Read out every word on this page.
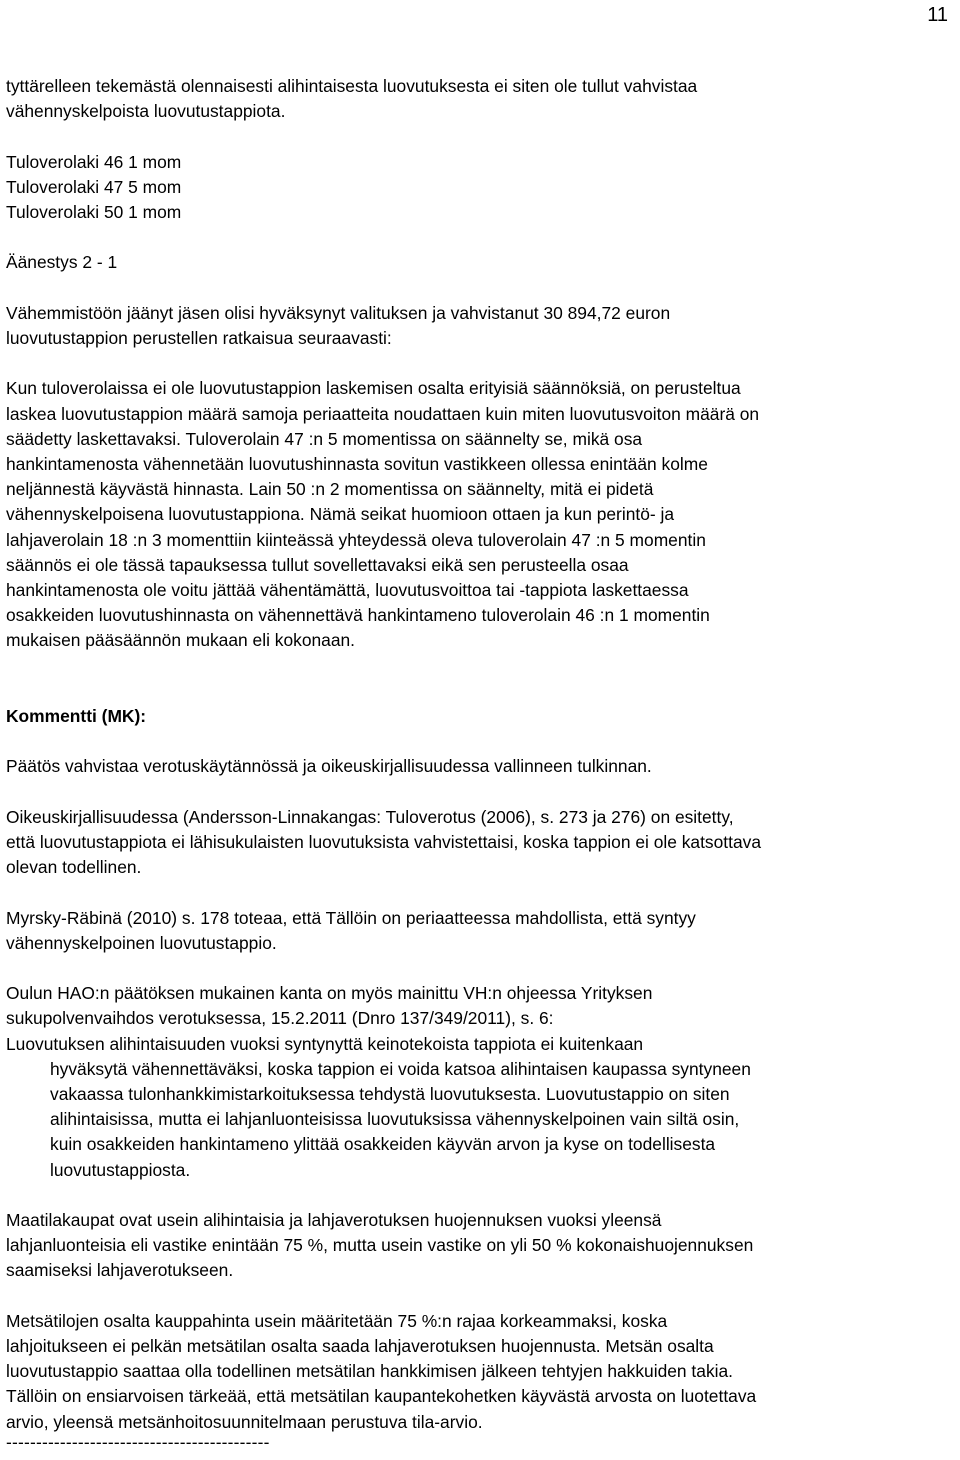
11
tyttärelleen tekemästä olennaisesti alihintaisesta luovutuksesta ei siten ole tullut vahvistaa
vähennyskelpoista luovutustappiota.
Tuloverolaki 46 1 mom
Tuloverolaki 47 5 mom
Tuloverolaki 50 1 mom
Äänestys 2 - 1
Vähemmistöön jäänyt jäsen olisi hyväksynyt valituksen ja vahvistanut 30 894,72 euron
luovutustappion perustellen ratkaisua seuraavasti:
Kun tuloverolaissa ei ole luovutustappion laskemisen osalta erityisiä säännöksiä, on perusteltua
laskea luovutustappion määrä samoja periaatteita noudattaen kuin miten luovutusvoiton määrä on
säädetty laskettavaksi. Tuloverolain 47 :n 5 momentissa on säännelty se, mikä osa
hankintamenosta vähennetään luovutushinnasta sovitun vastikkeen ollessa enintään kolme
neljännestä käyvästä hinnasta. Lain 50 :n 2 momentissa on säännelty, mitä ei pidetä
vähennyskelpoisena luovutustappiona. Nämä seikat huomioon ottaen ja kun perintö- ja
lahjaverolain 18 :n 3 momenttiin kiinteässä yhteydessä oleva tuloverolain 47 :n 5 momentin
säännös ei ole tässä tapauksessa tullut sovellettavaksi eikä sen perusteella osaa
hankintamenosta ole voitu jättää vähentämättä, luovutusvoittoa tai -tappiota laskettaessa
osakkeiden luovutushinnasta on vähennettävä hankintameno tuloverolain 46 :n 1 momentin
mukaisen pääsäännön mukaan eli kokonaan.
Kommentti (MK):
Päätös vahvistaa verotuskäytännössä ja oikeuskirjallisuudessa vallinneen tulkinnan.
Oikeuskirjallisuudessa (Andersson-Linnakangas: Tuloverotus (2006), s. 273 ja 276) on esitetty,
että luovutustappiota ei lähisukulaisten luovutuksista vahvistettaisi, koska tappion ei ole katsottava
olevan todellinen.
Myrsky-Räbinä (2010) s. 178 toteaa, että Tällöin on periaatteessa mahdollista, että syntyy
vähennyskelpoinen luovutustappio.
Oulun HAO:n päätöksen mukainen kanta on myös mainittu VH:n ohjeessa Yrityksen
sukupolvenvaihdos verotuksessa, 15.2.2011 (Dnro 137/349/2011), s. 6:
Luovutuksen alihintaisuuden vuoksi syntynyttä keinotekoista tappiota ei kuitenkaan
hyväksytä vähennettäväksi, koska tappion ei voida katsoa alihintaisen kaupassa syntyneen
vakaassa tulonhankkimistarkoituksessa tehdystä luovutuksesta. Luovutustappio on siten
alihintaisissa, mutta ei lahjanluonteisissa luovutuksissa vähennyskelpoinen vain siltä osin,
kuin osakkeiden hankintameno ylittää osakkeiden käyvän arvon ja kyse on todellisesta
luovutustappiosta.
Maatilakaupat ovat usein alihintaisia ja lahjaverotuksen huojennuksen vuoksi yleensä
lahjanluonteisia eli vastike enintään 75 %, mutta usein vastike on yli 50 % kokonaishuojennuksen
saamiseksi lahjaverotukseen.
Metsätilojen osalta kauppahinta usein määritetään 75 %:n rajaa korkeammaksi, koska
lahjoitukseen ei pelkän metsätilan osalta saada lahjaverotuksen huojennusta. Metsän osalta
luovutustappio saattaa olla todellinen metsätilan hankkimisen jälkeen tehtyjen hakkuiden takia.
Tällöin on ensiarvoisen tärkeää, että metsätilan kaupantekohetken käyvästä arvosta on luotettava
arvio, yleensä metsänhoitosuunnitelmaan perustuva tila-arvio.
--------------------------------------------
